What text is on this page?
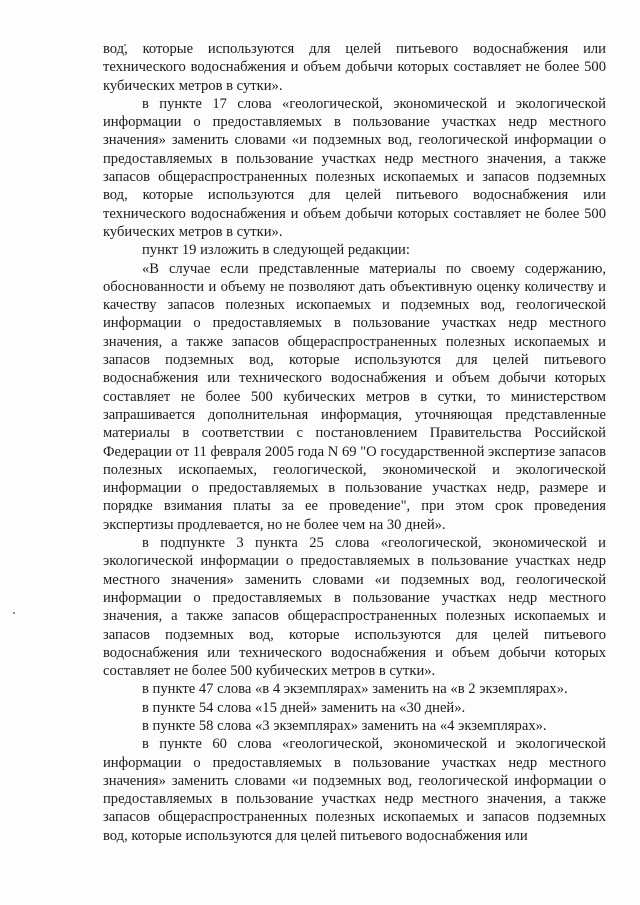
вод, которые используются для целей питьевого водоснабжения или технического водоснабжения и объем добычи которых составляет не более 500 кубических метров в сутки».

в пункте 17 слова «геологической, экономической и экологической информации о предоставляемых в пользование участках недр местного значения» заменить словами «и подземных вод, геологической информации о предоставляемых в пользование участках недр местного значения, а также запасов общераспространенных полезных ископаемых и запасов подземных вод, которые используются для целей питьевого водоснабжения или технического водоснабжения и объем добычи которых составляет не более 500 кубических метров в сутки».

пункт 19 изложить в следующей редакции:

«В случае если представленные материалы по своему содержанию, обоснованности и объему не позволяют дать объективную оценку количеству и качеству запасов полезных ископаемых и подземных вод, геологической информации о предоставляемых в пользование участках недр местного значения, а также запасов общераспространенных полезных ископаемых и запасов подземных вод, которые используются для целей питьевого водоснабжения или технического водоснабжения и объем добычи которых составляет не более 500 кубических метров в сутки, то министерством запрашивается дополнительная информация, уточняющая представленные материалы в соответствии с постановлением Правительства Российской Федерации от 11 февраля 2005 года N 69 "О государственной экспертизе запасов полезных ископаемых, геологической, экономической и экологической информации о предоставляемых в пользование участках недр, размере и порядке взимания платы за ее проведение", при этом срок проведения экспертизы продлевается, но не более чем на 30 дней».

в подпункте 3 пункта 25 слова «геологической, экономической и экологической информации о предоставляемых в пользование участках недр местного значения» заменить словами «и подземных вод, геологической информации о предоставляемых в пользование участках недр местного значения, а также запасов общераспространенных полезных ископаемых и запасов подземных вод, которые используются для целей питьевого водоснабжения или технического водоснабжения и объем добычи которых составляет не более 500 кубических метров в сутки».

в пункте 47 слова «в 4 экземплярах» заменить на «в 2 экземплярах».

в пункте 54 слова «15 дней» заменить на «30 дней».

в пункте 58 слова «3 экземплярах» заменить на «4 экземплярах».

в пункте 60 слова «геологической, экономической и экологической информации о предоставляемых в пользование участках недр местного значения» заменить словами «и подземных вод, геологической информации о предоставляемых в пользование участках недр местного значения, а также запасов общераспространенных полезных ископаемых и запасов подземных вод, которые используются для целей питьевого водоснабжения или
